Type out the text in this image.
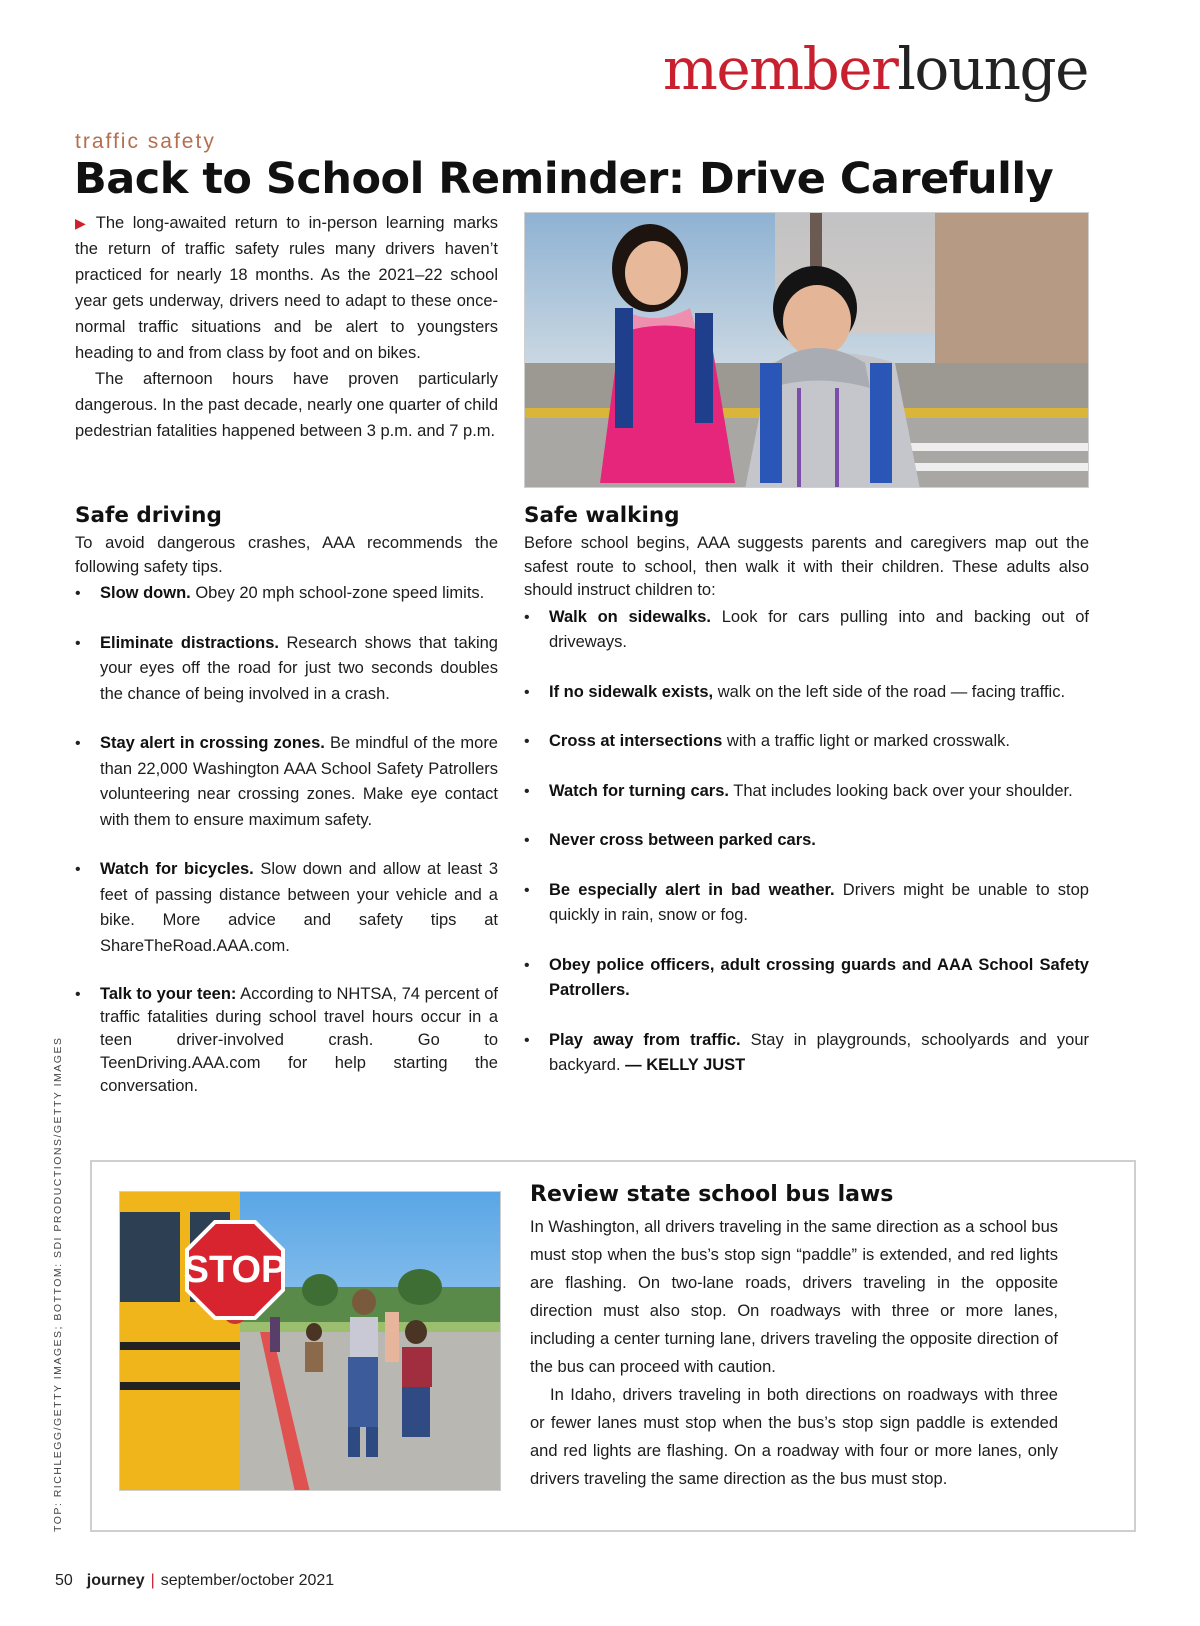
memberlounge
traffic safety
Back to School Reminder: Drive Carefully

▶ The long-awaited return to in-person learning marks the return of traffic safety rules many drivers haven’t practiced for nearly 18 months. As the 2021–22 school year gets underway, drivers need to adapt to these once-normal traffic situations and be alert to youngsters heading to and from class by foot and on bikes.

The afternoon hours have proven particularly dangerous. In the past decade, nearly one quarter of child pedestrian fatalities happened between 3 p.m. and 7 p.m.

Safe driving

To avoid dangerous crashes, AAA recommends the following safety tips.

• Slow down. Obey 20 mph school-zone speed limits.
• Eliminate distractions. Research shows that taking your eyes off the road for just two seconds doubles the chance of being involved in a crash.
• Stay alert in crossing zones. Be mindful of the more than 22,000 Washington AAA School Safety Patrollers volunteering near crossing zones. Make eye contact with them to ensure maximum safety.
• Watch for bicycles. Slow down and allow at least 3 feet of passing distance between your vehicle and a bike. More advice and safety tips at ShareTheRoad.AAA.com.
• Talk to your teen: According to NHTSA, 74 percent of traffic fatalities during school travel hours occur in a teen driver-involved crash. Go to TeenDriving.AAA.com for help starting the conversation.
Safe walking

Before school begins, AAA suggests parents and caregivers map out the safest route to school, then walk it with their children. These adults also should instruct children to:

• Walk on sidewalks. Look for cars pulling into and backing out of driveways.
• If no sidewalk exists, walk on the left side of the road — facing traffic.
• Cross at intersections with a traffic light or marked crosswalk.
• Watch for turning cars. That includes looking back over your shoulder.
• Never cross between parked cars.
• Be especially alert in bad weather. Drivers might be unable to stop quickly in rain, snow or fog.
• Obey police officers, adult crossing guards and AAA School Safety Patrollers.
• Play away from traffic. Stay in playgrounds, schoolyards and your backyard. — KELLY JUST
STOP
Review state school bus laws

In Washington, all drivers traveling in the same direction as a school bus must stop when the bus’s stop sign “paddle” is extended, and red lights are flashing. On two-lane roads, drivers traveling in the opposite direction must also stop. On roadways with three or more lanes, including a center turning lane, drivers traveling the opposite direction of the bus can proceed with caution.

In Idaho, drivers traveling in both directions on roadways with three or fewer lanes must stop when the bus’s stop sign paddle is extended and red lights are flashing. On a roadway with four or more lanes, only drivers traveling the same direction as the bus must stop.

TOP: RICHLEGG/GETTY IMAGES; BOTTOM: SDI PRODUCTIONS/GETTY IMAGES
50 journey | september/october 2021
